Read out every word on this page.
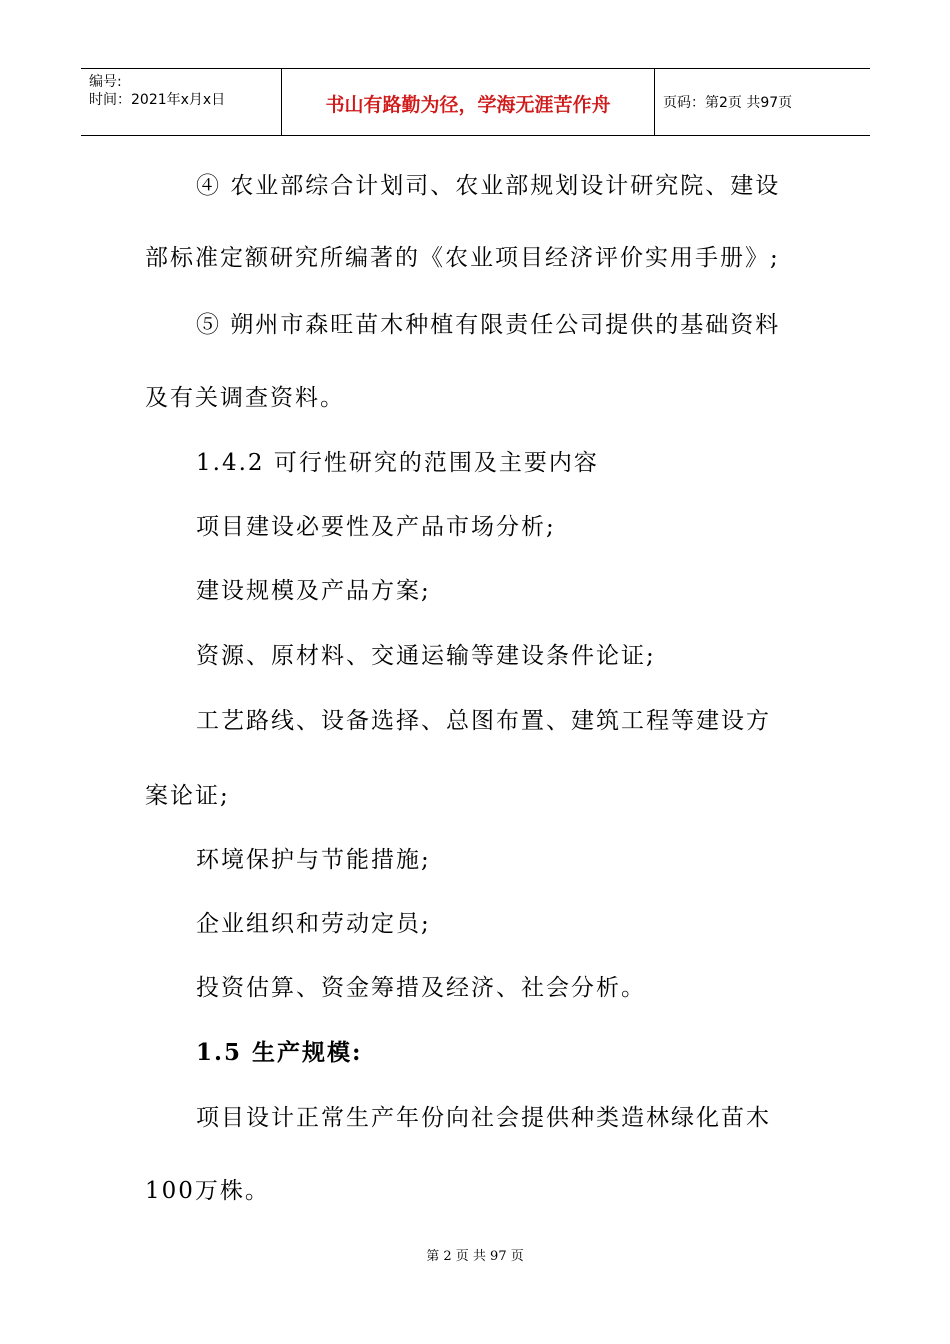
编号:
时间：2021年x月x日	书山有路勤为径，学海无涯苦作舟	页码：第2页 共97页
④ 农业部综合计划司、农业部规划设计研究院、建设
部标准定额研究所编著的《农业项目经济评价实用手册》;
⑤ 朔州市森旺苗木种植有限责任公司提供的基础资料
及有关调查资料。
1.4.2 可行性研究的范围及主要内容
项目建设必要性及产品市场分析;
建设规模及产品方案;
资源、原材料、交通运输等建设条件论证;
工艺路线、设备选择、总图布置、建筑工程等建设方
案论证;
环境保护与节能措施;
企业组织和劳动定员;
投资估算、资金筹措及经济、社会分析。
1.5 生产规模:
项目设计正常生产年份向社会提供种类造林绿化苗木
100万株。
第 2 页 共 97 页
